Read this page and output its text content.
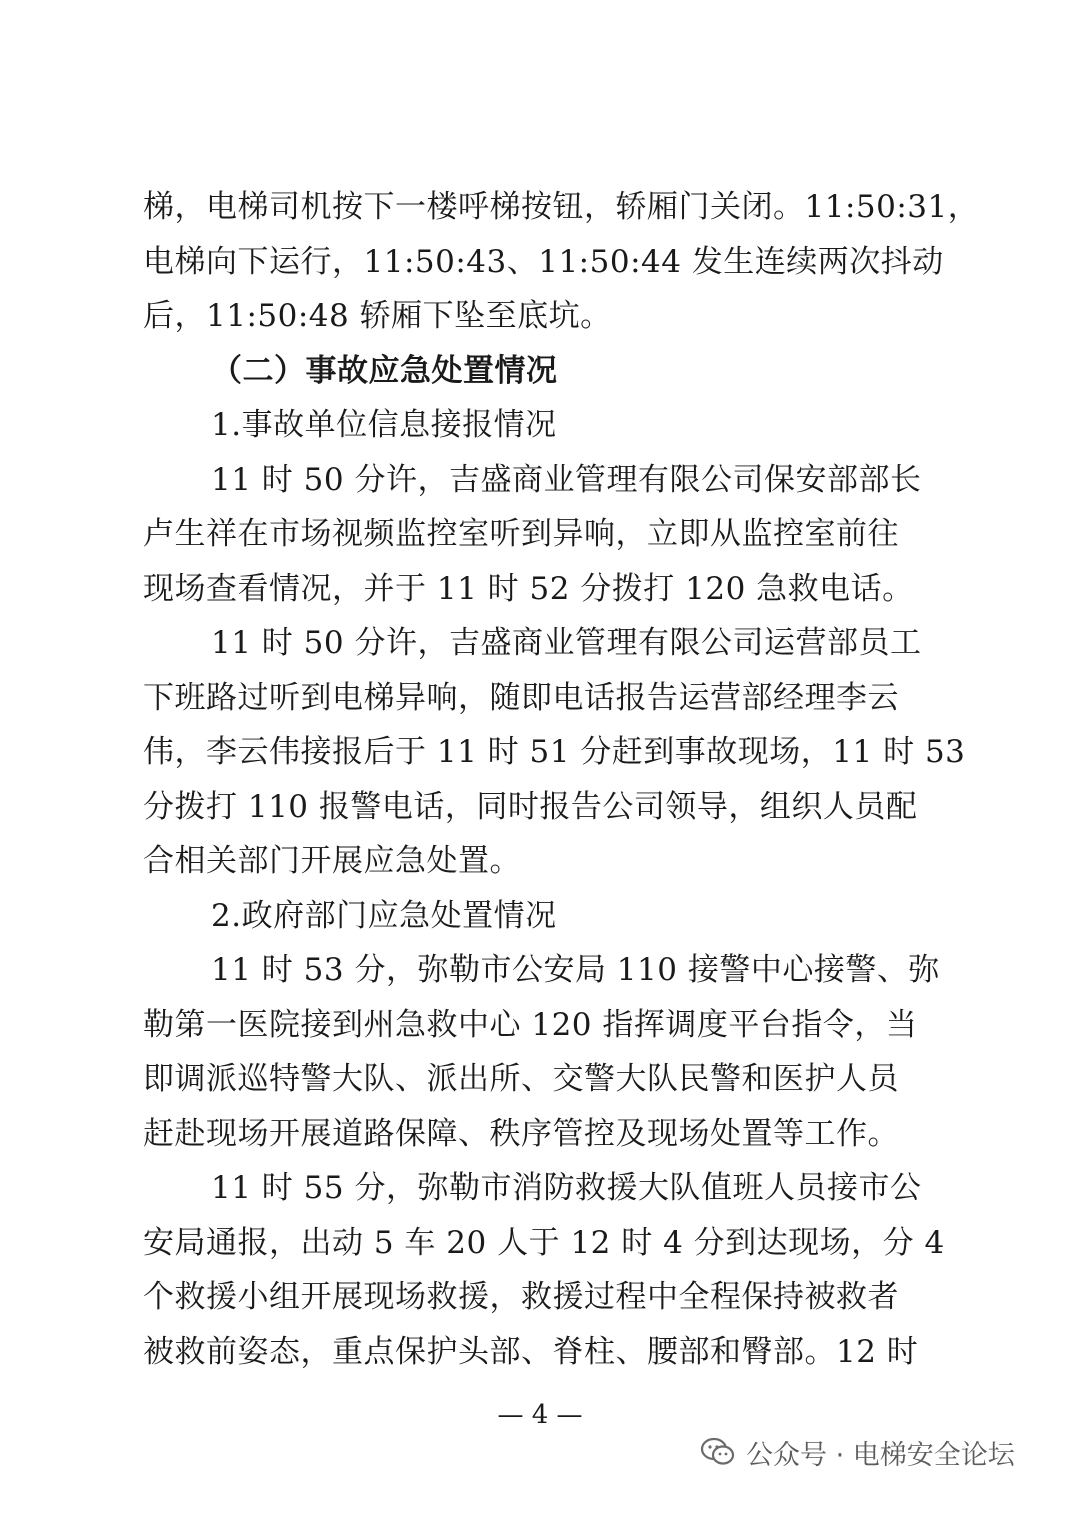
梯，电梯司机按下一楼呼梯按钮，轿厢门关闭。11:50:31，
电梯向下运行，11:50:43、11:50:44 发生连续两次抖动
后，11:50:48 轿厢下坠至底坑。
（二）事故应急处置情况
1.事故单位信息接报情况
11 时 50 分许，吉盛商业管理有限公司保安部部长
卢生祥在市场视频监控室听到异响，立即从监控室前往
现场查看情况，并于 11 时 52 分拨打 120 急救电话。
11 时 50 分许，吉盛商业管理有限公司运营部员工
下班路过听到电梯异响，随即电话报告运营部经理李云
伟，李云伟接报后于 11 时 51 分赶到事故现场，11 时 53
分拨打 110 报警电话，同时报告公司领导，组织人员配
合相关部门开展应急处置。
2.政府部门应急处置情况
11 时 53 分，弥勒市公安局 110 接警中心接警、弥
勒第一医院接到州急救中心 120 指挥调度平台指令，当
即调派巡特警大队、派出所、交警大队民警和医护人员
赶赴现场开展道路保障、秩序管控及现场处置等工作。
11 时 55 分，弥勒市消防救援大队值班人员接市公
安局通报，出动 5 车 20 人于 12 时 4 分到达现场，分 4
个救援小组开展现场救援，救援过程中全程保持被救者
被救前姿态，重点保护头部、脊柱、腰部和臀部。12 时
— 4 —
公众号 · 电梯安全论坛
